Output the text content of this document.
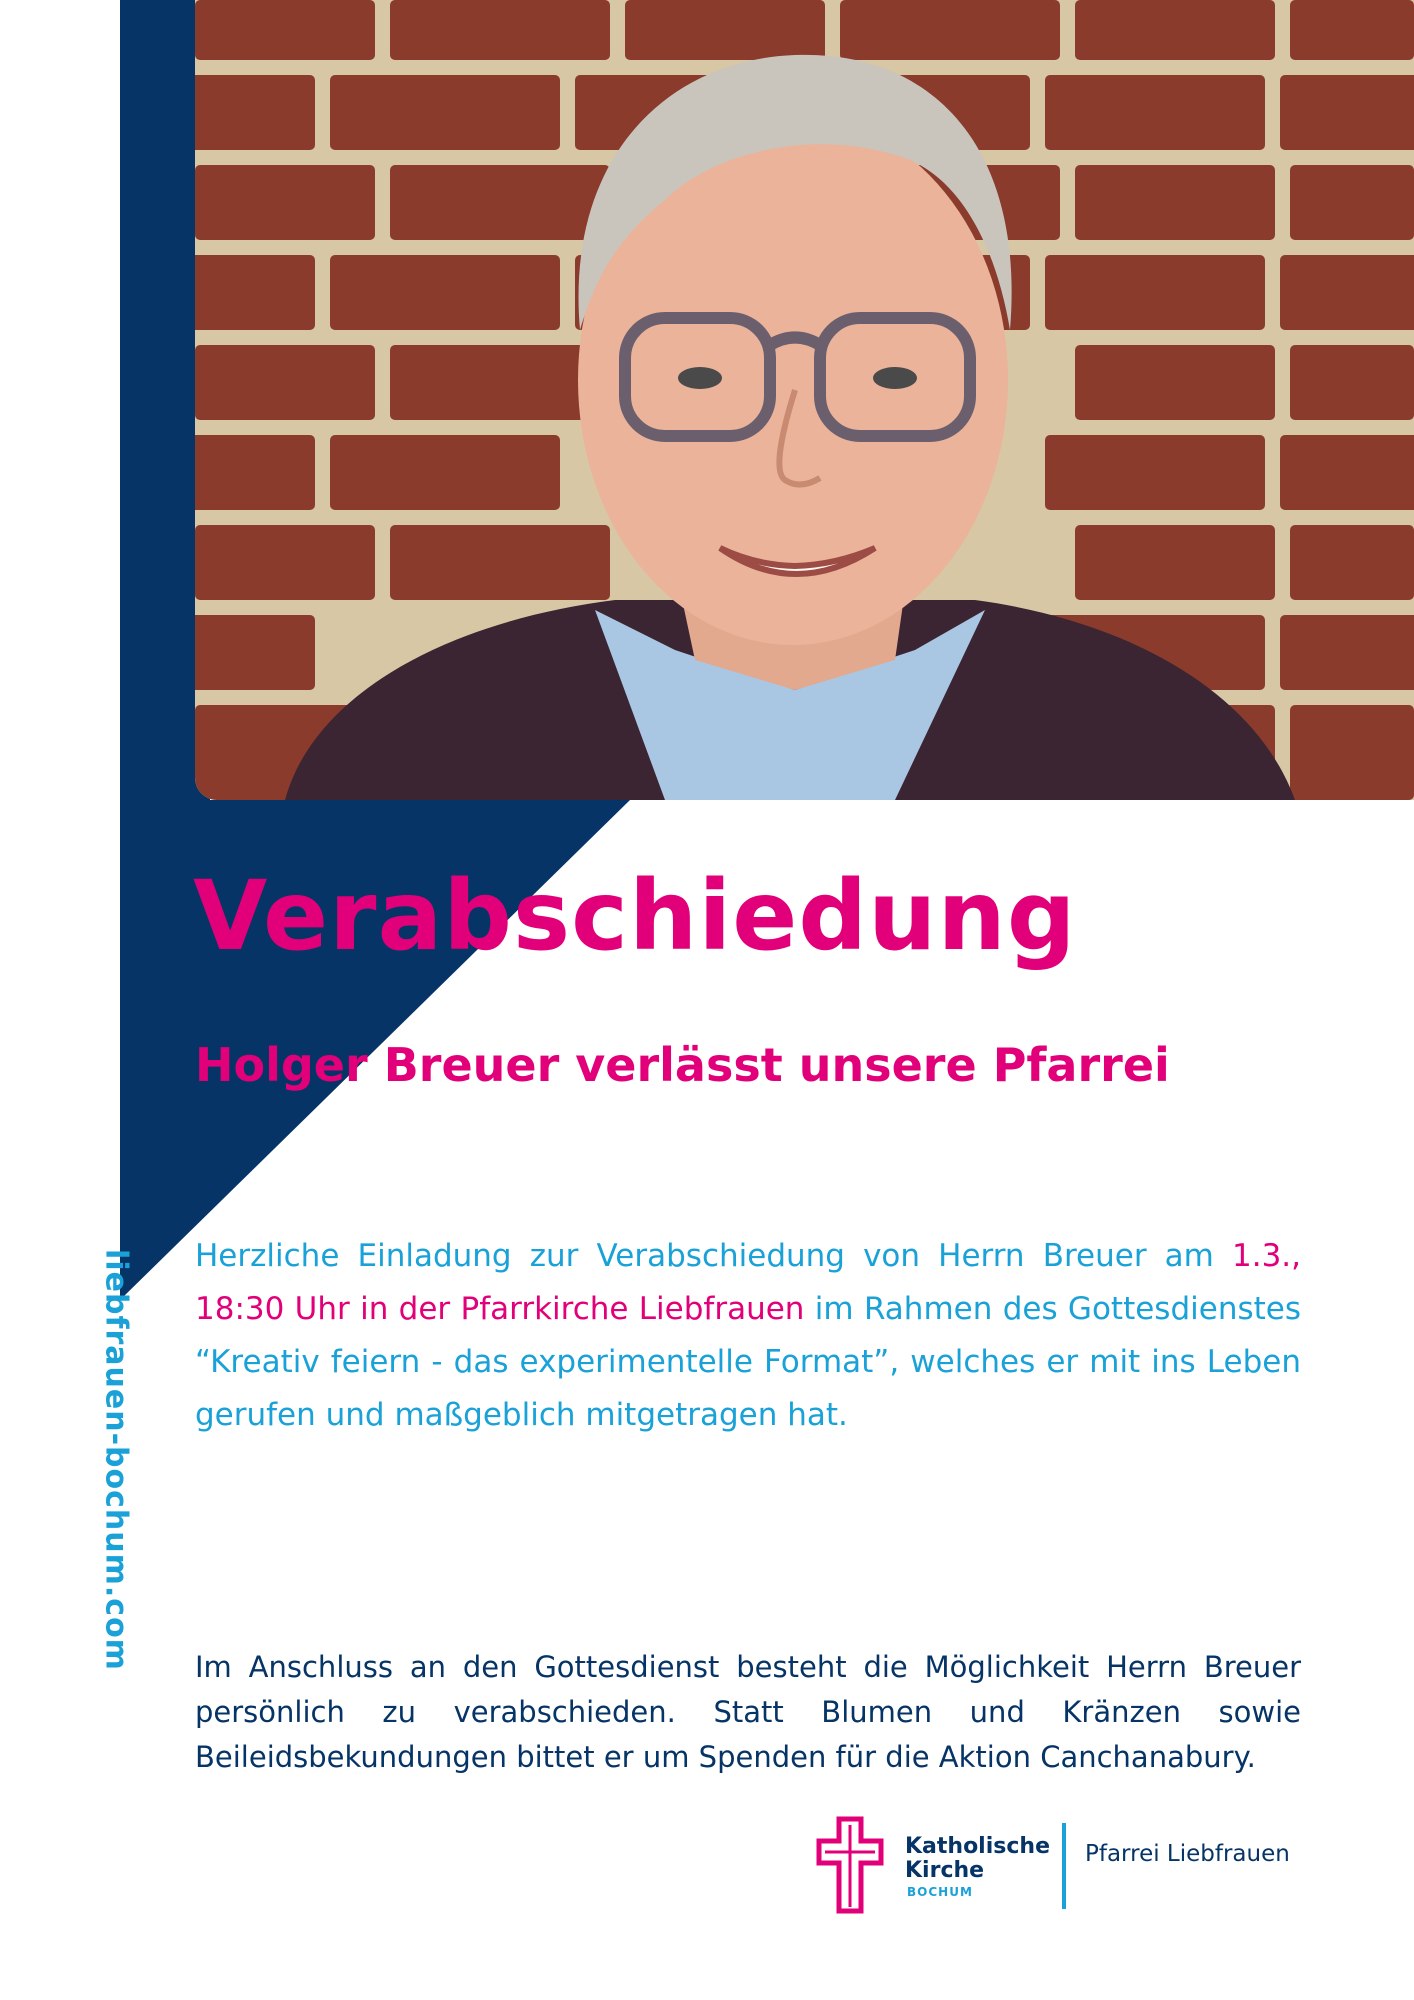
Verabschiedung
Holger Breuer verlässt unsere Pfarrei

Herzliche Einladung zur Verabschiedung von Herrn Breuer am 1.3., 18:30 Uhr in der Pfarrkirche Liebfrauen im Rahmen des Gottesdienstes “Kreativ feiern - das experimentelle Format”, welches er mit ins Leben gerufen und maßgeblich mitgetragen hat.

Im Anschluss an den Gottesdienst besteht die Möglichkeit Herrn Breuer persönlich zu verabschieden. Statt Blumen und Kränzen sowie Beileidsbekundungen bittet er um Spenden für die Aktion Canchanabury.

liebfrauen-bochum.com
Katholische
Kirche
BOCHUM
Pfarrei Liebfrauen
